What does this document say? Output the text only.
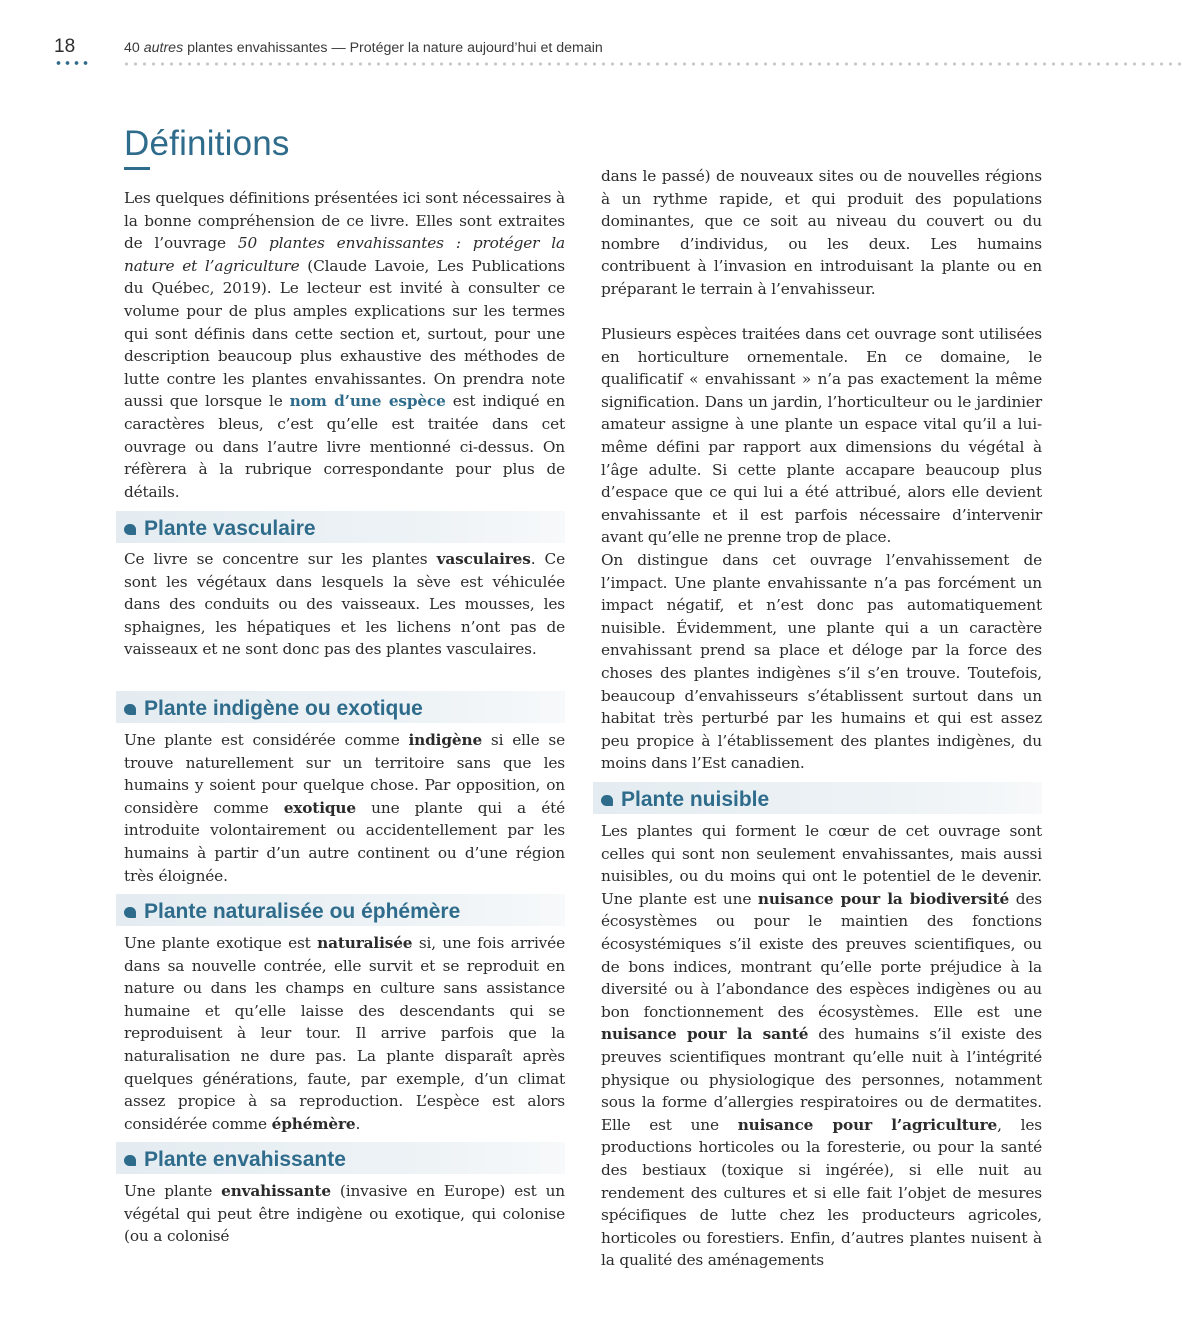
18	40 autres plantes envahissantes — Protéger la nature aujourd’hui et demain
Définitions

Les quelques définitions présentées ici sont nécessaires à la bonne compréhension de ce livre. Elles sont extraites de l’ouvrage 50 plantes envahissantes : protéger la nature et l’agriculture (Claude Lavoie, Les Publications du Québec, 2019). Le lecteur est invité à consulter ce volume pour de plus amples explications sur les termes qui sont définis dans cette section et, surtout, pour une description beaucoup plus exhaustive des méthodes de lutte contre les plantes envahissantes. On prendra note aussi que lorsque le nom d’une espèce est indiqué en caractères bleus, c’est qu’elle est traitée dans cet ouvrage ou dans l’autre livre mentionné ci-dessus. On réfèrera à la rubrique correspondante pour plus de détails.

Plante vasculaire

Ce livre se concentre sur les plantes vasculaires. Ce sont les végétaux dans lesquels la sève est véhiculée dans des conduits ou des vaisseaux. Les mousses, les sphaignes, les hépatiques et les lichens n’ont pas de vaisseaux et ne sont donc pas des plantes vasculaires.

Plante indigène ou exotique

Une plante est considérée comme indigène si elle se trouve naturellement sur un territoire sans que les humains y soient pour quelque chose. Par opposition, on considère comme exotique une plante qui a été introduite volontairement ou accidentellement par les humains à partir d’un autre continent ou d’une région très éloignée.

Plante naturalisée ou éphémère

Une plante exotique est naturalisée si, une fois arrivée dans sa nouvelle contrée, elle survit et se reproduit en nature ou dans les champs en culture sans assistance humaine et qu’elle laisse des descendants qui se reproduisent à leur tour. Il arrive parfois que la naturalisation ne dure pas. La plante disparaît après quelques générations, faute, par exemple, d’un climat assez propice à sa reproduction. L’espèce est alors considérée comme éphémère.

Plante envahissante

Une plante envahissante (invasive en Europe) est un végétal qui peut être indigène ou exotique, qui colonise (ou a colonisé

dans le passé) de nouveaux sites ou de nouvelles régions à un rythme rapide, et qui produit des populations dominantes, que ce soit au niveau du couvert ou du nombre d’individus, ou les deux. Les humains contribuent à l’invasion en introduisant la plante ou en préparant le terrain à l’envahisseur.

Plusieurs espèces traitées dans cet ouvrage sont utilisées en horticulture ornementale. En ce domaine, le qualificatif « envahissant » n’a pas exactement la même signification. Dans un jardin, l’horticulteur ou le jardinier amateur assigne à une plante un espace vital qu’il a lui-même défini par rapport aux dimensions du végétal à l’âge adulte. Si cette plante accapare beaucoup plus d’espace que ce qui lui a été attribué, alors elle devient envahissante et il est parfois nécessaire d’intervenir avant qu’elle ne prenne trop de place.

On distingue dans cet ouvrage l’envahissement de l’impact. Une plante envahissante n’a pas forcément un impact négatif, et n’est donc pas automatiquement nuisible. Évidemment, une plante qui a un caractère envahissant prend sa place et déloge par la force des choses des plantes indigènes s’il s’en trouve. Toutefois, beaucoup d’envahisseurs s’établissent surtout dans un habitat très perturbé par les humains et qui est assez peu propice à l’établissement des plantes indigènes, du moins dans l’Est canadien.

Plante nuisible

Les plantes qui forment le cœur de cet ouvrage sont celles qui sont non seulement envahissantes, mais aussi nuisibles, ou du moins qui ont le potentiel de le devenir. Une plante est une nuisance pour la biodiversité des écosystèmes ou pour le maintien des fonctions écosystémiques s’il existe des preuves scientifiques, ou de bons indices, montrant qu’elle porte préjudice à la diversité ou à l’abondance des espèces indigènes ou au bon fonctionnement des écosystèmes. Elle est une nuisance pour la santé des humains s’il existe des preuves scientifiques montrant qu’elle nuit à l’intégrité physique ou physiologique des personnes, notamment sous la forme d’allergies respiratoires ou de dermatites. Elle est une nuisance pour l’agriculture, les productions horticoles ou la foresterie, ou pour la santé des bestiaux (toxique si ingérée), si elle nuit au rendement des cultures et si elle fait l’objet de mesures spécifiques de lutte chez les producteurs agricoles, horticoles ou forestiers. Enfin, d’autres plantes nuisent à la qualité des aménagements
